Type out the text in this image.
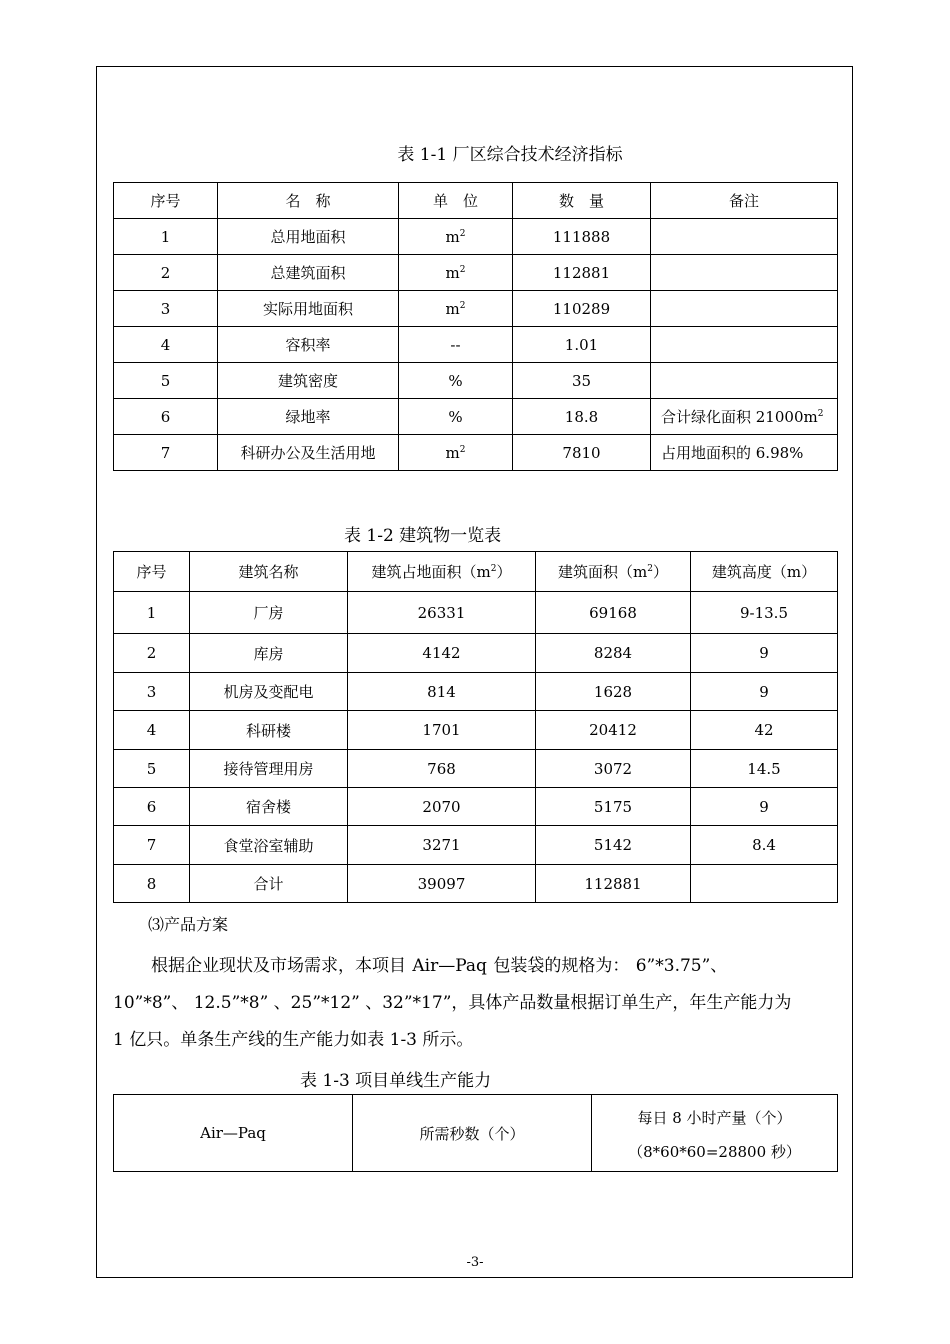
表 1-1 厂区综合技术经济指标
序号	名　称	单　位	数　量	备注
1	总用地面积	$m^2$	111888	
2	总建筑面积	$m^2$	112881	
3	实际用地面积	$m^2$	110289	
4	容积率	--	1.01	
5	建筑密度	%	35	
6	绿地率	%	18.8	合计绿化面积 $21000m^2$
7	科研办公及生活用地	$m^2$	7810	占用地面积的 6.98%
表 1-2 建筑物一览表
序号	建筑名称	建筑占地面积$(m^2)$	建筑面积$(m^2)$	建筑高度（m）
1	厂房	26331	69168	9-13.5
2	库房	4142	8284	9
3	机房及变配电	814	1628	9
4	科研楼	1701	20412	42
5	接待管理用房	768	3072	14.5
6	宿舍楼	2070	5175	9
7	食堂浴室辅助	3271	5142	8.4
8	合计	39097	112881	
⑶产品方案
根据企业现状及市场需求，本项目 Air—Paq 包装袋的规格为： 6”*3.75”、
10”*8”、 12.5”*8” 、25”*12” 、32”*17”，具体产品数量根据订单生产，年生产能力为
1 亿只。单条生产线的生产能力如表 1-3 所示。
表 1-3 项目单线生产能力
Air—Paq	所需秒数（个）	
每日 8 小时产量（个）
（8*60*60=28800 秒）
-3-
